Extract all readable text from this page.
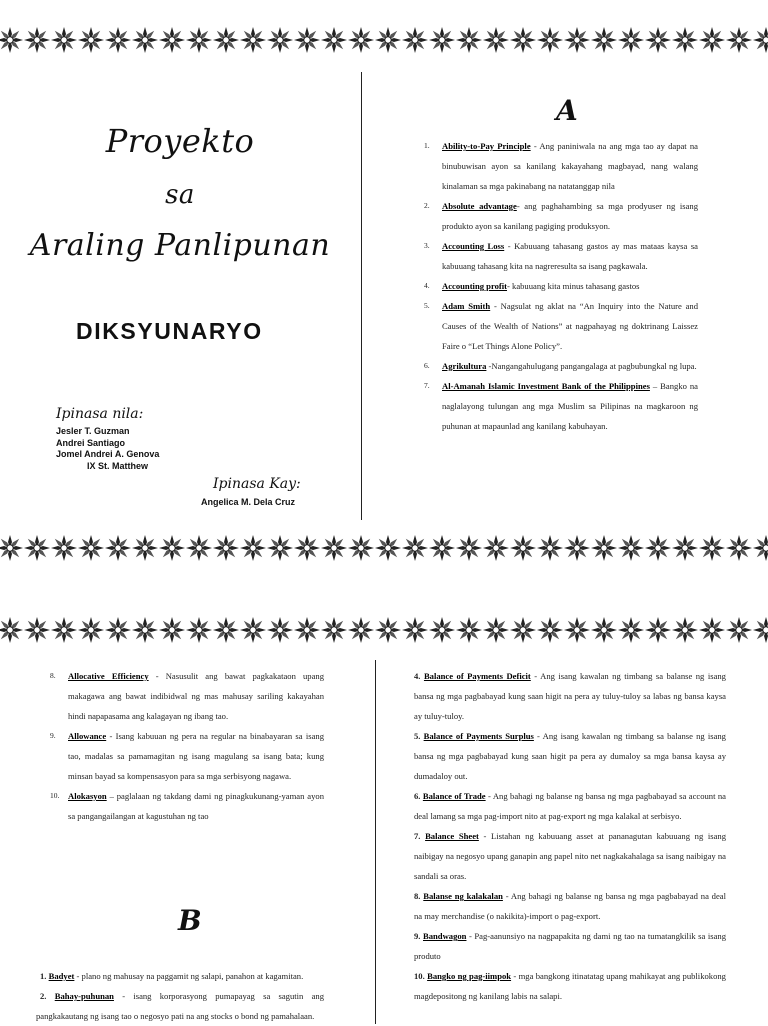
Proyekto
sa
Araling Panlipunan
DIKSYUNARYO
Ipinasa nila:
Jesler T. Guzman
Andrei Santiago
Jomel Andrei A. Genova
IX St. Matthew
Ipinasa Kay:
Angelica M. Dela Cruz
A
1. Ability-to-Pay Principle - Ang paniniwala na ang mga tao ay dapat na binubuwisan ayon sa kanilang kakayahang magbayad, nang walang kinalaman sa mga pakinabang na natatanggap nila

2. Absolute advantage- ang paghahambing sa mga prodyuser ng isang produkto ayon sa kanilang pagiging produksyon.

3. Accounting Loss - Kabuuang tahasang gastos ay mas mataas kaysa sa kabuuang tahasang kita na nagreresulta sa isang pagkawala.

4. Accounting profit- kabuuang kita minus tahasang gastos

5. Adam Smith - Nagsulat ng aklat na “An Inquiry into the Nature and Causes of the Wealth of Nations” at nagpahayag ng doktrinang Laissez Faire o “Let Things Alone Policy”.

6. Agrikultura -Nangangahulugang pangangalaga at pagbubungkal ng lupa.

7. Al-Amanah Islamic Investment Bank of the Philippines – Bangko na naglalayong tulungan ang mga Muslim sa Pilipinas na magkaroon ng puhunan at mapaunlad ang kanilang kabuhayan.

8. Allocative Efficiency - Nasusulit ang bawat pagkakataon upang makagawa ang bawat indibidwal ng mas mahusay sariling kakayahan hindi napapasama ang kalagayan ng ibang tao.

9. Allowance - Isang kabuuan ng pera na regular na binabayaran sa isang tao, madalas sa pamamagitan ng isang magulang sa isang bata; kung minsan bayad sa kompensasyon para sa mga serbisyong nagawa.

10. Alokasyon – paglalaan ng takdang dami ng pinagkukunang-yaman ayon sa pangangailangan at kagustuhan ng tao

B

1. Badyet - plano ng mahusay na paggamit ng salapi, panahon at kagamitan.

2. Bahay-puhunan - isang korporasyong pumapayag sa sagutin ang pangkakautang ng isang tao o negosyo pati na ang stocks o bond ng pamahalaan.

4. Balance of Payments Deficit - Ang isang kawalan ng timbang sa balanse ng isang bansa ng mga pagbabayad kung saan higit na pera ay tuluy-tuloy sa labas ng bansa kaysa ay tuluy-tuloy.

5. Balance of Payments Surplus - Ang isang kawalan ng timbang sa balanse ng isang bansa ng mga pagbabayad kung saan higit pa pera ay dumaloy sa mga bansa kaysa ay dumadaloy out.

6. Balance of Trade - Ang bahagi ng balanse ng bansa ng mga pagbabayad sa account na deal lamang sa mga pag-import nito at pag-export ng mga kalakal at serbisyo.

7. Balance Sheet - Listahan ng kabuuang asset at pananagutan kabuuang ng isang naibigay na negosyo upang ganapin ang papel nito net nagkakahalaga sa isang naibigay na sandali sa oras.

8. Balanse ng kalakalan - Ang bahagi ng balanse ng bansa ng mga pagbabayad na deal na may merchandise (o nakikita)-import o pag-export.

9. Bandwagon - Pag-aanunsiyo na nagpapakita ng dami ng tao na tumatangkilik sa isang produto

10. Bangko ng pag-iimpok - mga bangkong itinatatag upang mahikayat ang publikokong magdepositong ng kanilang labis na salapi.
